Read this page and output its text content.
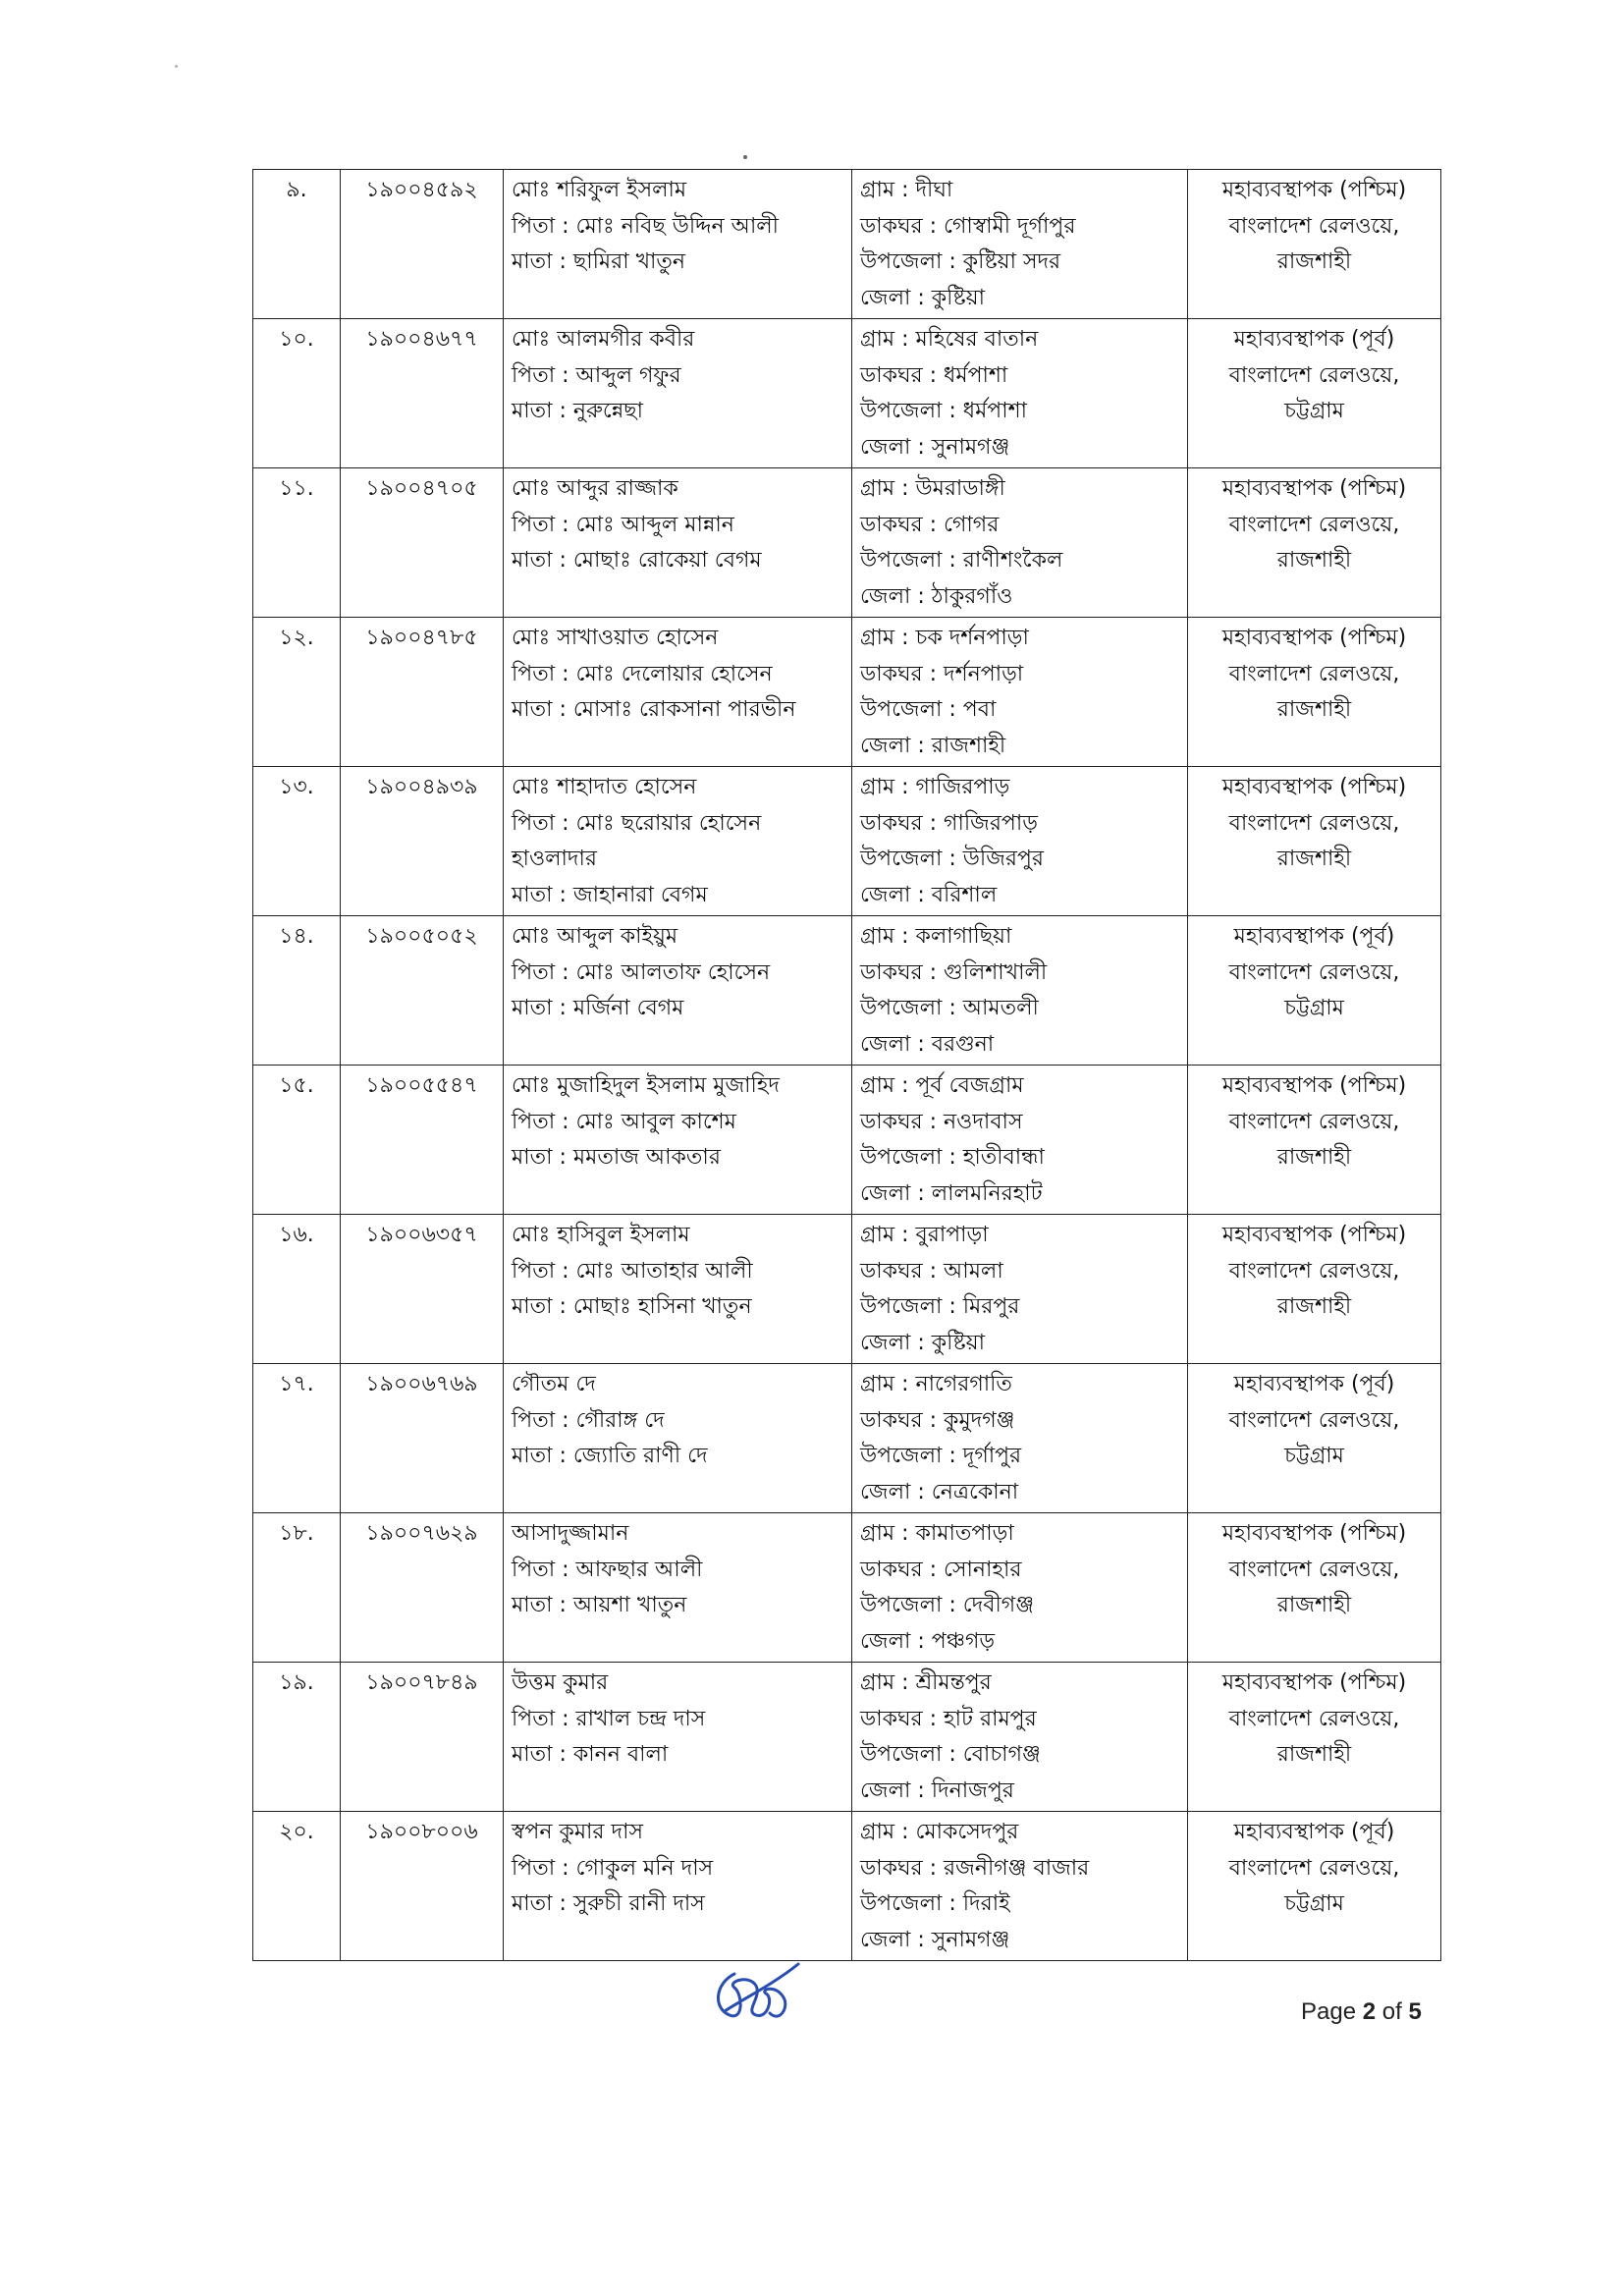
৯.	১৯০০৪৫৯২	মোঃ শরিফুল ইসলাম
পিতা : মোঃ নবিছ উদ্দিন আলী
মাতা : ছামিরা খাতুন	গ্রাম : দীঘা
ডাকঘর : গোস্বামী দূর্গাপুর
উপজেলা : কুষ্টিয়া সদর
জেলা : কুষ্টিয়া	মহাব্যবস্থাপক (পশ্চিম)
বাংলাদেশ রেলওয়ে,
রাজশাহী

১০.	১৯০০৪৬৭৭	মোঃ আলমগীর কবীর
পিতা : আব্দুল গফুর
মাতা : নুরুন্নেছা	গ্রাম : মহিষের বাতান
ডাকঘর : ধর্মপাশা
উপজেলা : ধর্মপাশা
জেলা : সুনামগঞ্জ	মহাব্যবস্থাপক (পূর্ব)
বাংলাদেশ রেলওয়ে,
চট্টগ্রাম

১১.	১৯০০৪৭০৫	মোঃ আব্দুর রাজ্জাক
পিতা : মোঃ আব্দুল মান্নান
মাতা : মোছাঃ রোকেয়া বেগম	গ্রাম : উমরাডাঙ্গী
ডাকঘর : গোগর
উপজেলা : রাণীশংকৈল
জেলা : ঠাকুরগাঁও	মহাব্যবস্থাপক (পশ্চিম)
বাংলাদেশ রেলওয়ে,
রাজশাহী

১২.	১৯০০৪৭৮৫	মোঃ সাখাওয়াত হোসেন
পিতা : মোঃ দেলোয়ার হোসেন
মাতা : মোসাঃ রোকসানা পারভীন	গ্রাম : চক দর্শনপাড়া
ডাকঘর : দর্শনপাড়া
উপজেলা : পবা
জেলা : রাজশাহী	মহাব্যবস্থাপক (পশ্চিম)
বাংলাদেশ রেলওয়ে,
রাজশাহী

১৩.	১৯০০৪৯৩৯	মোঃ শাহাদাত হোসেন
পিতা : মোঃ ছরোয়ার হোসেন হাওলাদার
মাতা : জাহানারা বেগম	গ্রাম : গাজিরপাড়
ডাকঘর : গাজিরপাড়
উপজেলা : উজিরপুর
জেলা : বরিশাল	মহাব্যবস্থাপক (পশ্চিম)
বাংলাদেশ রেলওয়ে,
রাজশাহী

১৪.	১৯০০৫০৫২	মোঃ আব্দুল কাইয়ুম
পিতা : মোঃ আলতাফ হোসেন
মাতা : মর্জিনা বেগম	গ্রাম : কলাগাছিয়া
ডাকঘর : গুলিশাখালী
উপজেলা : আমতলী
জেলা : বরগুনা	মহাব্যবস্থাপক (পূর্ব)
বাংলাদেশ রেলওয়ে,
চট্টগ্রাম

১৫.	১৯০০৫৫৪৭	মোঃ মুজাহিদুল ইসলাম মুজাহিদ
পিতা : মোঃ আবুল কাশেম
মাতা : মমতাজ আকতার	গ্রাম : পূর্ব বেজগ্রাম
ডাকঘর : নওদাবাস
উপজেলা : হাতীবান্ধা
জেলা : লালমনিরহাট	মহাব্যবস্থাপক (পশ্চিম)
বাংলাদেশ রেলওয়ে,
রাজশাহী

১৬.	১৯০০৬৩৫৭	মোঃ হাসিবুল ইসলাম
পিতা : মোঃ আতাহার আলী
মাতা : মোছাঃ হাসিনা খাতুন	গ্রাম : বুরাপাড়া
ডাকঘর : আমলা
উপজেলা : মিরপুর
জেলা : কুষ্টিয়া	মহাব্যবস্থাপক (পশ্চিম)
বাংলাদেশ রেলওয়ে,
রাজশাহী

১৭.	১৯০০৬৭৬৯	গৌতম দে
পিতা : গৌরাঙ্গ দে
মাতা : জ্যোতি রাণী দে	গ্রাম : নাগেরগাতি
ডাকঘর : কুমুদগঞ্জ
উপজেলা : দূর্গাপুর
জেলা : নেত্রকোনা	মহাব্যবস্থাপক (পূর্ব)
বাংলাদেশ রেলওয়ে,
চট্টগ্রাম

১৮.	১৯০০৭৬২৯	আসাদুজ্জামান
পিতা : আফছার আলী
মাতা : আয়শা খাতুন	গ্রাম : কামাতপাড়া
ডাকঘর : সোনাহার
উপজেলা : দেবীগঞ্জ
জেলা : পঞ্চগড়	মহাব্যবস্থাপক (পশ্চিম)
বাংলাদেশ রেলওয়ে,
রাজশাহী

১৯.	১৯০০৭৮৪৯	উত্তম কুমার
পিতা : রাখাল চন্দ্র দাস
মাতা : কানন বালা	গ্রাম : শ্রীমন্তপুর
ডাকঘর : হাট রামপুর
উপজেলা : বোচাগঞ্জ
জেলা : দিনাজপুর	মহাব্যবস্থাপক (পশ্চিম)
বাংলাদেশ রেলওয়ে,
রাজশাহী

২০.	১৯০০৮০০৬	স্বপন কুমার দাস
পিতা : গোকুল মনি দাস
মাতা : সুরুচী রানী দাস	গ্রাম : মোকসেদপুর
ডাকঘর : রজনীগঞ্জ বাজার
উপজেলা : দিরাই
জেলা : সুনামগঞ্জ	মহাব্যবস্থাপক (পূর্ব)
বাংলাদেশ রেলওয়ে,
চট্টগ্রাম
Page 2 of 5
